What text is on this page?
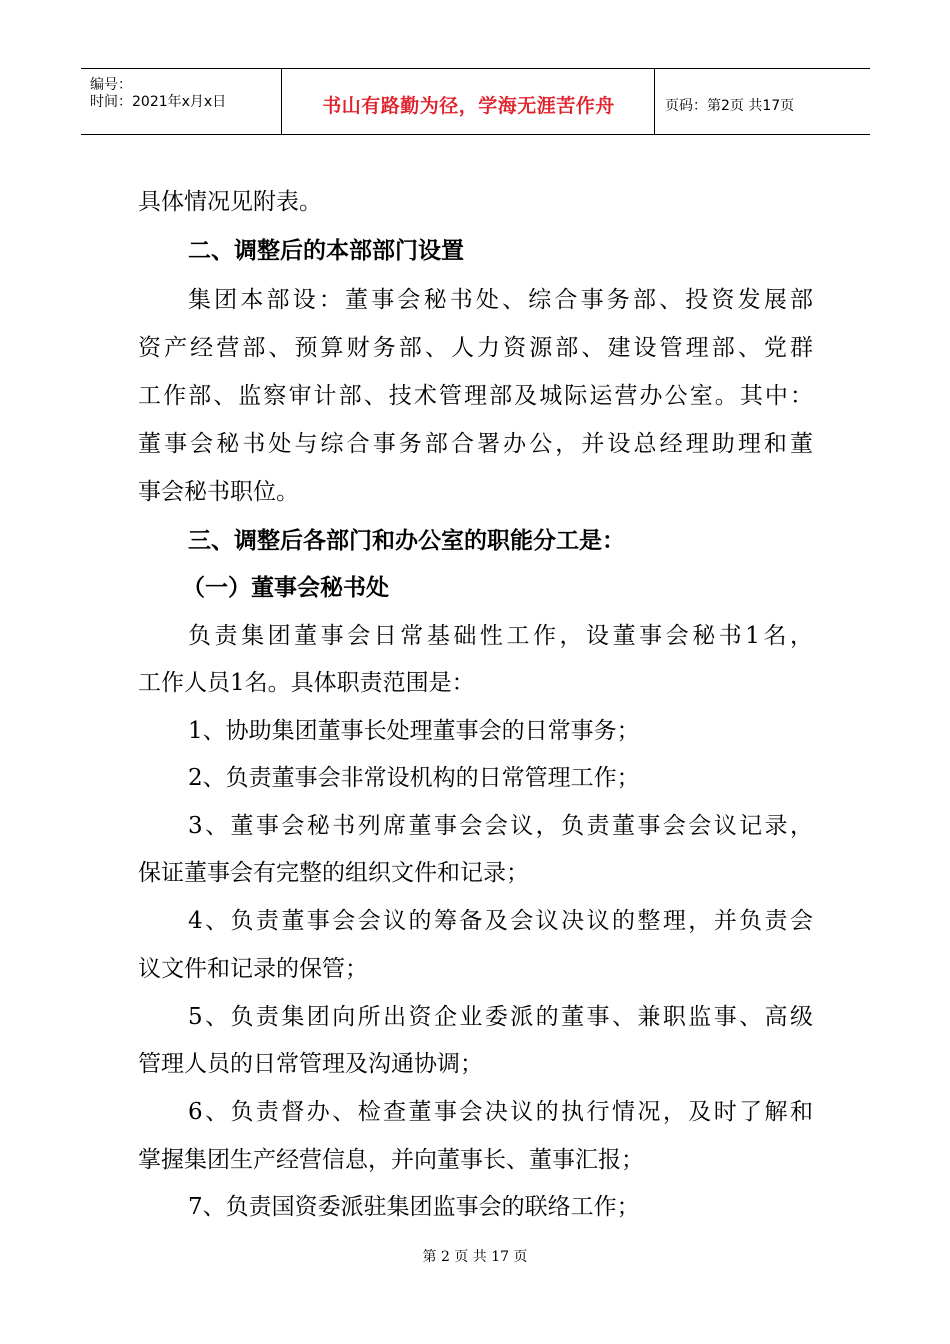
编号：
时间：2021年x月x日	书山有路勤为径，学海无涯苦作舟	页码：第2页 共17页
具体情况见附表。
二、调整后的本部部门设置
集团本部设：董事会秘书处、综合事务部、投资发展部
资产经营部、预算财务部、人力资源部、建设管理部、党群
工作部、监察审计部、技术管理部及城际运营办公室。其中：
董事会秘书处与综合事务部合署办公，并设总经理助理和董
事会秘书职位。
三、调整后各部门和办公室的职能分工是：
（一）董事会秘书处
负责集团董事会日常基础性工作，设董事会秘书1名，
工作人员1名。具体职责范围是：
1、协助集团董事长处理董事会的日常事务；
2、负责董事会非常设机构的日常管理工作；
3、董事会秘书列席董事会会议，负责董事会会议记录，
保证董事会有完整的组织文件和记录；
4、负责董事会会议的筹备及会议决议的整理，并负责会
议文件和记录的保管；
5、负责集团向所出资企业委派的董事、兼职监事、高级
管理人员的日常管理及沟通协调；
6、负责督办、检查董事会决议的执行情况，及时了解和
掌握集团生产经营信息，并向董事长、董事汇报；
7、负责国资委派驻集团监事会的联络工作；
第 2 页 共 17 页
